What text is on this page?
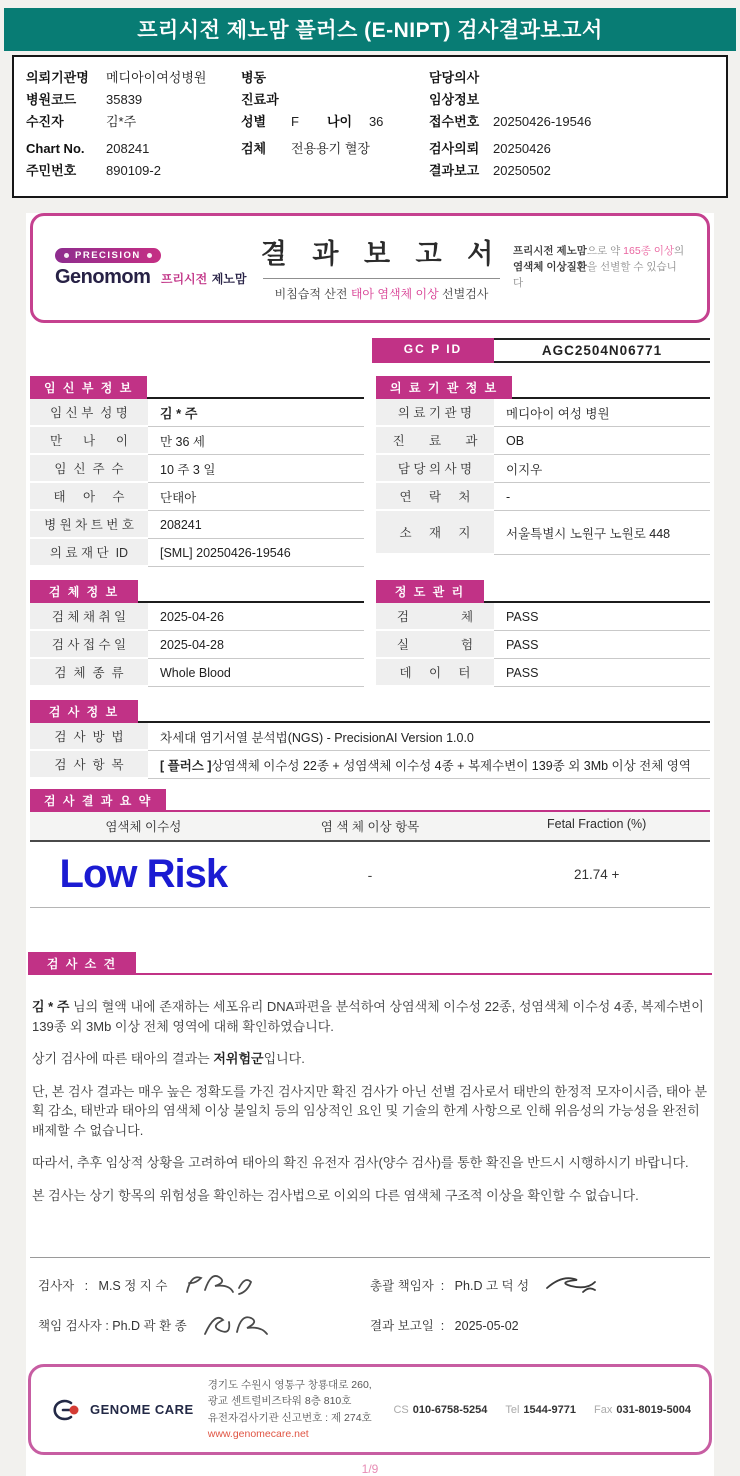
프리시전 제노맘 플러스 (E-NIPT) 검사결과보고서
의뢰기관명	메디아이여성병원
병원코드	35839
수진자	김*주
Chart No.	208241
주민번호	890109-2
병동
진료과
성별	F 나이	36
검체	전용용기 혈장
담당의사
임상정보
접수번호	20250426-19546
검사의뢰	20250426
결과보고	20250502
PRECISION
Genomom 프리시전 제노맘
결 과 보 고 서
비침습적 산전 태아 염색체 이상 선별검사
프리시전 제노맘으로 약 165종 이상의 염색체 이상질환을 선별할 수 있습니다
GC P ID	AGC2504N06771
임 신 부 정 보
임 신 부  성 명	김 * 주
만      나      이	만 36 세
임  신  주  수	10 주 3 일
태     아     수	단태아
병 원 차 트 번 호	208241
의 료 재 단  ID	[SML] 20250426-19546
의 료 기 관 정 보
의 료 기 관 명	메디아이 여성 병원
진       료       과	OB
담 당 의 사 명	이지우
연     락     처	-
소     재     지	서울특별시 노원구 노원로 448
검 체 정 보
검 체 채 취 일	2025-04-26
검 사 접 수 일	2025-04-28
검  체  종  류	Whole Blood
정 도 관 리
검               체	PASS
실               험	PASS
데     이     터	PASS
검 사 정 보
검  사  방  법	차세대 염기서열 분석법(NGS) - PrecisionAI Version 1.0.0
검  사  항  목	[ 플러스 ] 상염색체 이수성 22종 + 성염색체 이수성 4종 + 복제수변이 139종 외 3Mb 이상 전체 영역
검 사 결 과 요 약
염색체 이수성	염 색 체 이상 항목	Fetal Fraction (%)
Low Risk	-	21.74 +
검 사 소 견

김 * 주 님의 혈액 내에 존재하는 세포유리 DNA파편을 분석하여 상염색체 이수성 22종, 성염색체 이수성 4종, 복제수변이 139종 외 3Mb 이상 전체 영역에 대해 확인하였습니다.

상기 검사에 따른 태아의 결과는 저위험군입니다.

단, 본 검사 결과는 매우 높은 정확도를 가진 검사지만 확진 검사가 아닌 선별 검사로서 태반의 한정적 모자이시즘, 태아 분획 감소, 태반과 태아의 염색체 이상 불일치 등의 임상적인 요인 및 기술의 한계 사항으로 인해 위음성의 가능성을 완전히 배제할 수 없습니다.

따라서, 추후 임상적 상황을 고려하여 태아의 확진 유전자 검사(양수 검사)를 통한 확진을 반드시 시행하시기 바랍니다.

본 검사는 상기 항목의 위험성을 확인하는 검사법으로 이외의 다른 염색체 구조적 이상을 확인할 수 없습니다.

검사자   :   M.S 정 지 수
책임 검사자 : Ph.D 곽 환 종
총괄 책임자  :   Ph.D 고 덕 성
결과 보고일  :   2025-05-02
GENOME CARE
경기도 수원시 영통구 창룡대로 260, 광교 센트럴비즈타워 8층 810호
유전자검사기관 신고번호 : 제 274호
www.genomecare.net
CS 010-6758-5254 Tel 1544-9771 Fax 031-8019-5004
1/9
